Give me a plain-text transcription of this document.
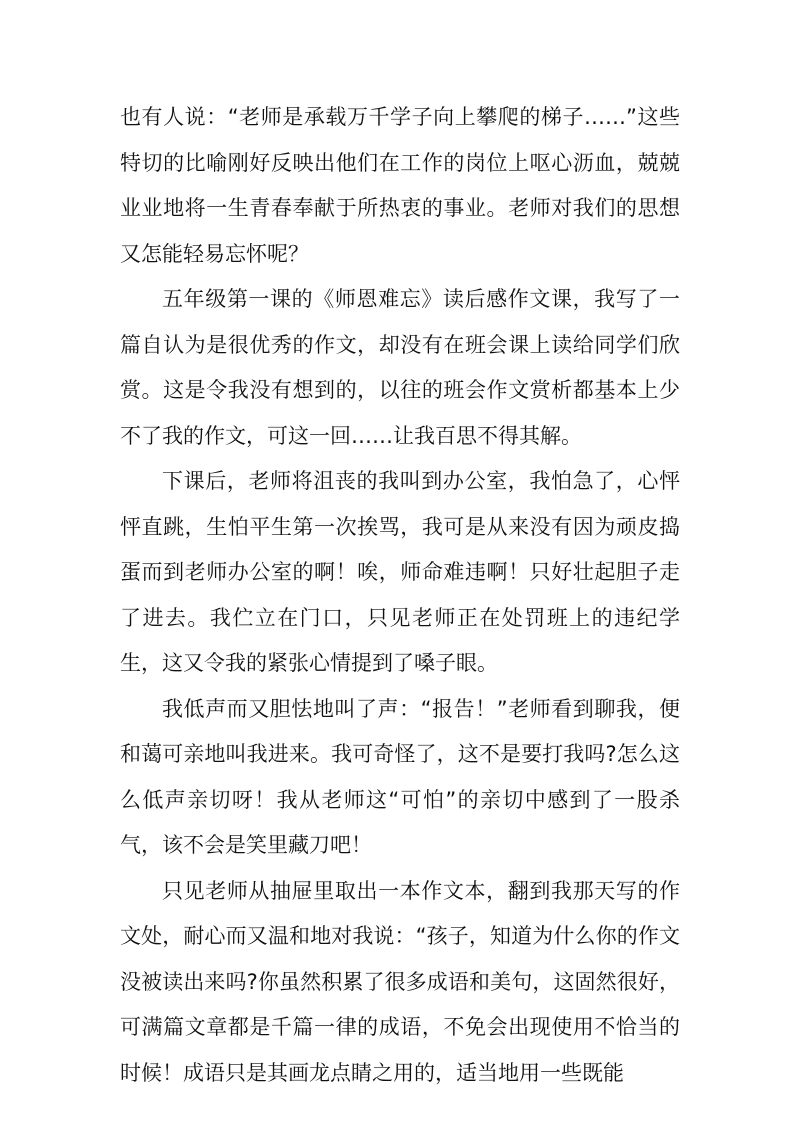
也有人说：“老师是承载万千学子向上攀爬的梯子……”这些特切的比喻刚好反映出他们在工作的岗位上呕心沥血，兢兢业业地将一生青春奉献于所热衷的事业。老师对我们的思想又怎能轻易忘怀呢？

五年级第一课的《师恩难忘》读后感作文课，我写了一篇自认为是很优秀的作文，却没有在班会课上读给同学们欣赏。这是令我没有想到的，以往的班会作文赏析都基本上少不了我的作文，可这一回……让我百思不得其解。

下课后，老师将沮丧的我叫到办公室，我怕急了，心怦怦直跳，生怕平生第一次挨骂，我可是从来没有因为顽皮捣蛋而到老师办公室的啊！唉，师命难违啊！只好壮起胆子走了进去。我伫立在门口，只见老师正在处罚班上的违纪学生，这又令我的紧张心情提到了嗓子眼。

我低声而又胆怯地叫了声：“报告！”老师看到聊我，便和蔼可亲地叫我进来。我可奇怪了，这不是要打我吗?怎么这么低声亲切呀！我从老师这“可怕”的亲切中感到了一股杀气，该不会是笑里藏刀吧！

只见老师从抽屉里取出一本作文本，翻到我那天写的作文处，耐心而又温和地对我说：“孩子，知道为什么你的作文没被读出来吗?你虽然积累了很多成语和美句，这固然很好，可满篇文章都是千篇一律的成语，不免会出现使用不恰当的时候！成语只是其画龙点睛之用的，适当地用一些既能
